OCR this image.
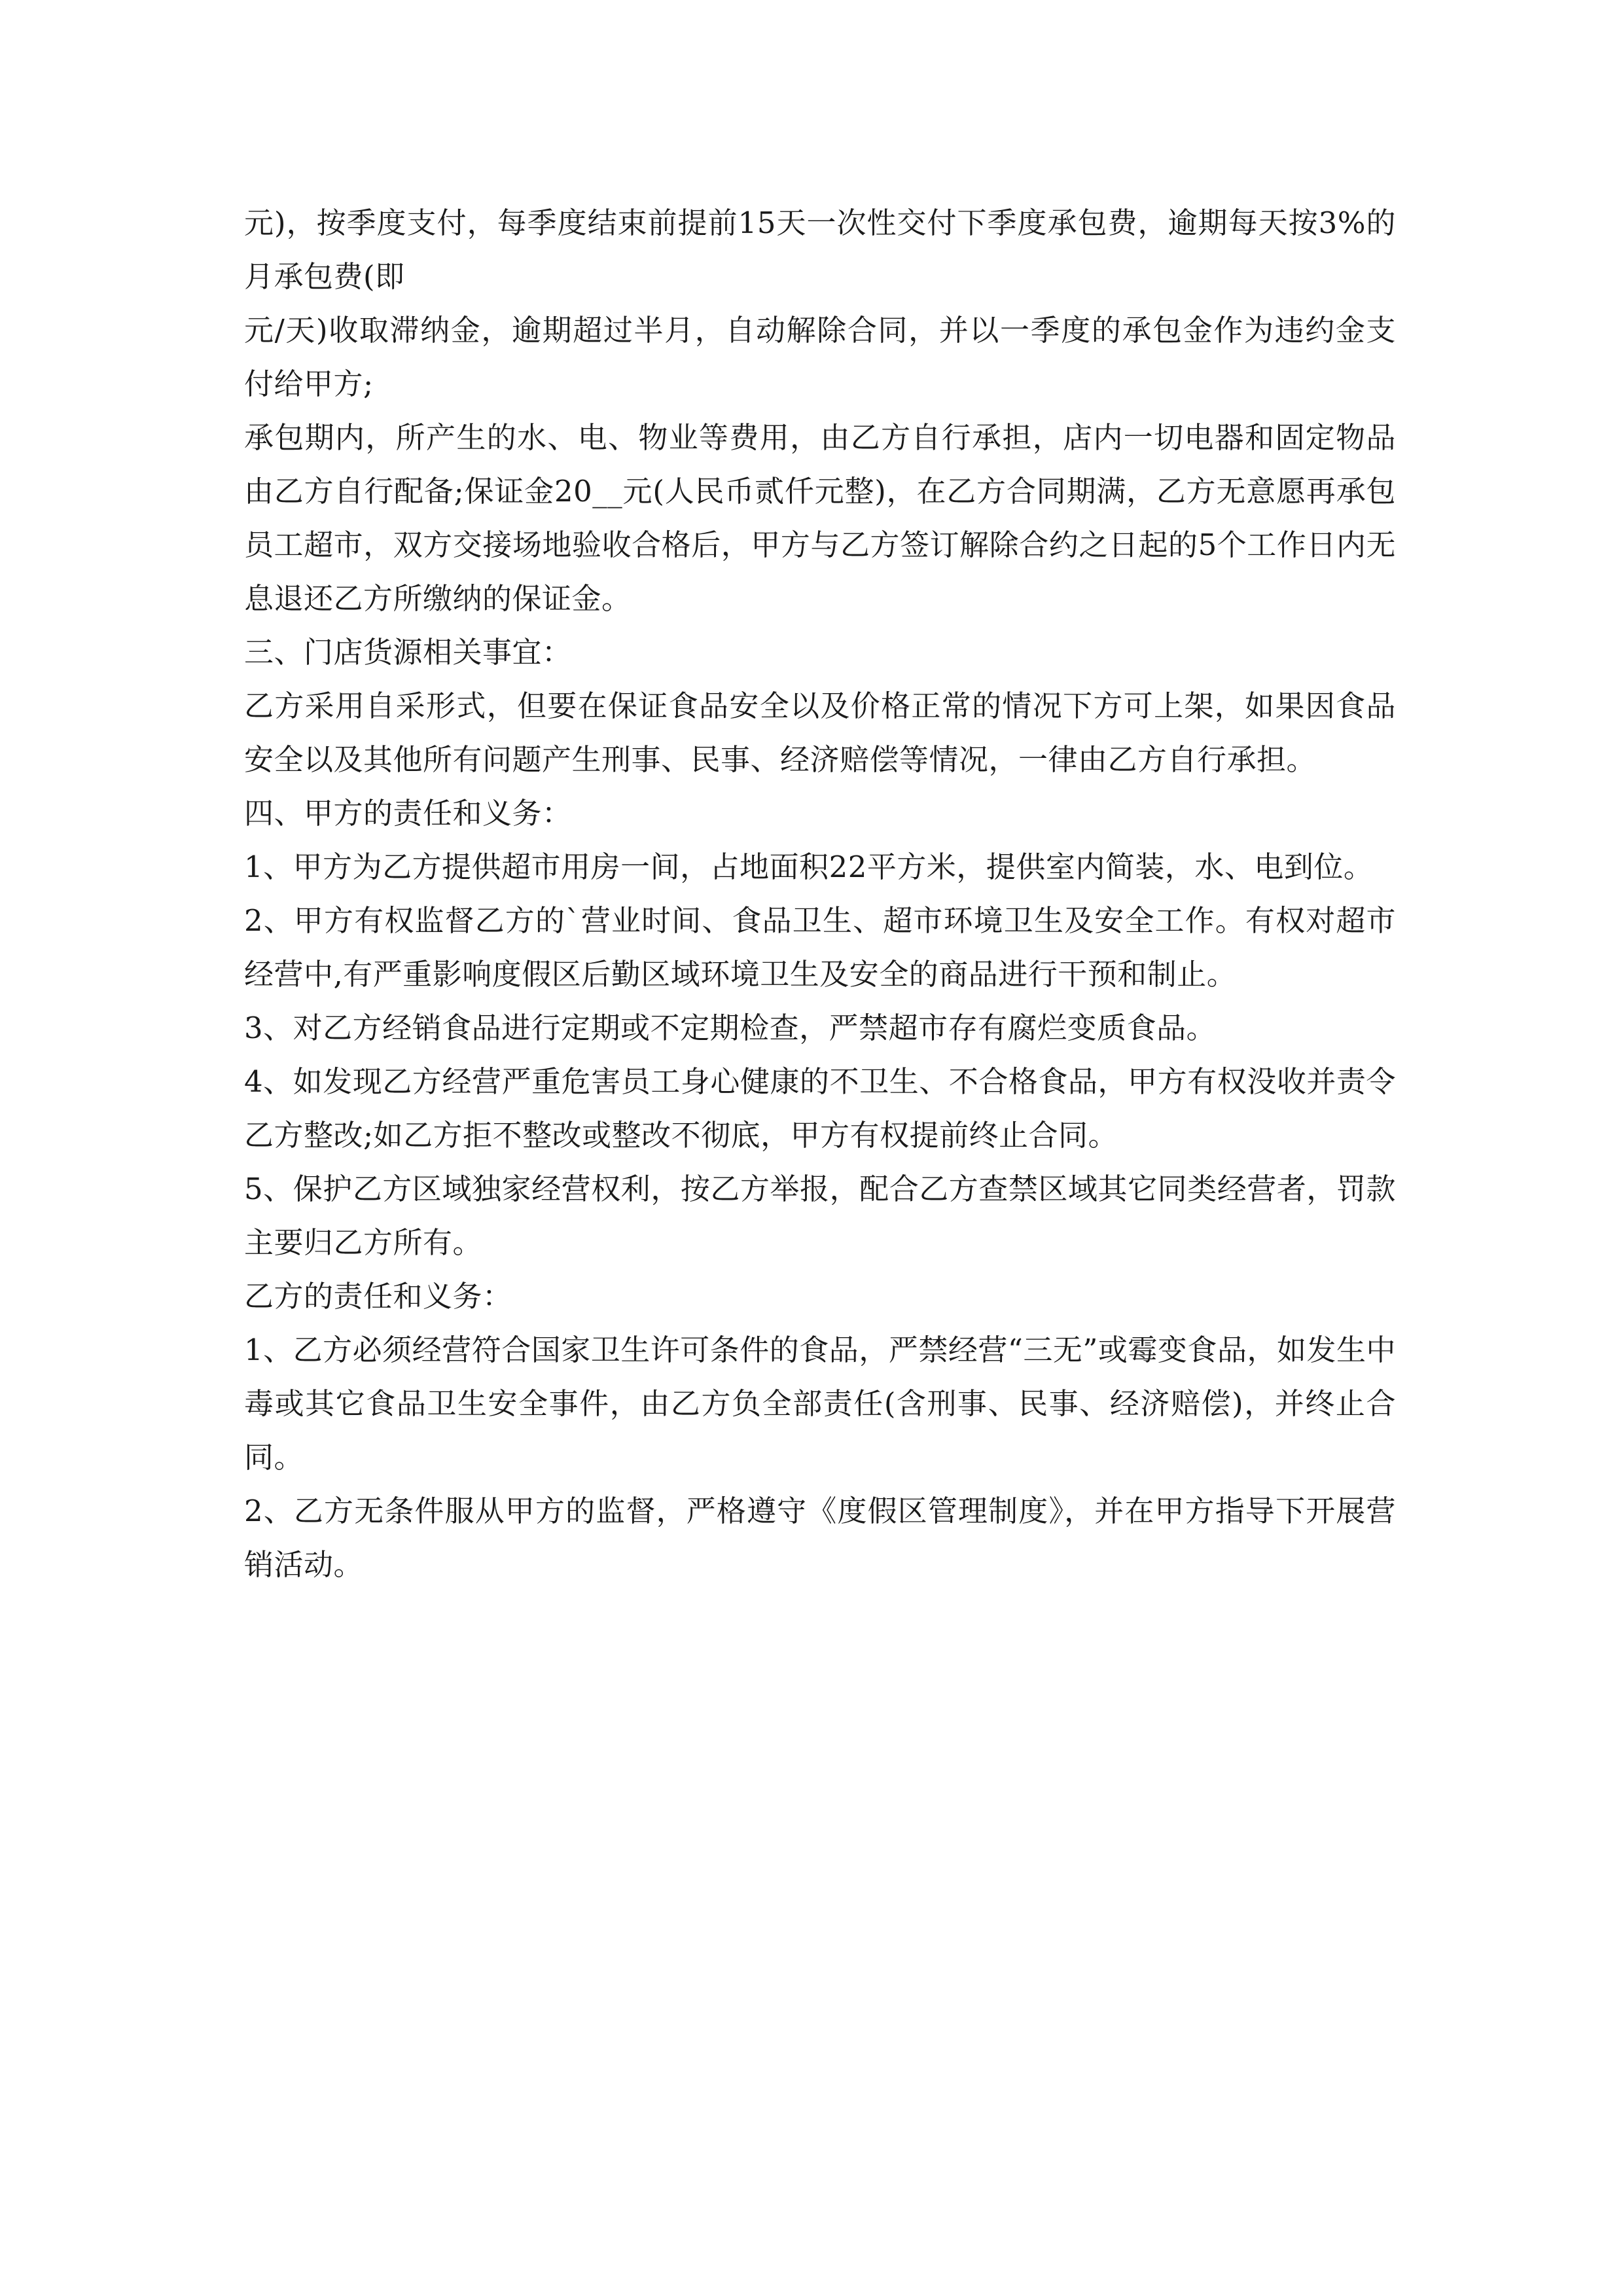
元)，按季度支付，每季度结束前提前15天一次性交付下季度承包费，逾期每天按3%的月承包费(即

元/天)收取滞纳金，逾期超过半月，自动解除合同，并以一季度的承包金作为违约金支付给甲方;

承包期内，所产生的水、电、物业等费用，由乙方自行承担，店内一切电器和固定物品由乙方自行配备;保证金20__元(人民币贰仟元整)，在乙方合同期满，乙方无意愿再承包员工超市，双方交接场地验收合格后，甲方与乙方签订解除合约之日起的5个工作日内无息退还乙方所缴纳的保证金。

三、门店货源相关事宜：

乙方采用自采形式，但要在保证食品安全以及价格正常的情况下方可上架，如果因食品安全以及其他所有问题产生刑事、民事、经济赔偿等情况，一律由乙方自行承担。

四、甲方的责任和义务：

1、甲方为乙方提供超市用房一间，占地面积22平方米，提供室内简装，水、电到位。

2、甲方有权监督乙方的`营业时间、食品卫生、超市环境卫生及安全工作。有权对超市经营中,有严重影响度假区后勤区域环境卫生及安全的商品进行干预和制止。

3、对乙方经销食品进行定期或不定期检查，严禁超市存有腐烂变质食品。

4、如发现乙方经营严重危害员工身心健康的不卫生、不合格食品，甲方有权没收并责令乙方整改;如乙方拒不整改或整改不彻底，甲方有权提前终止合同。

5、保护乙方区域独家经营权利，按乙方举报，配合乙方查禁区域其它同类经营者，罚款主要归乙方所有。

乙方的责任和义务：

1、乙方必须经营符合国家卫生许可条件的食品，严禁经营“三无”或霉变食品，如发生中毒或其它食品卫生安全事件，由乙方负全部责任(含刑事、民事、经济赔偿)，并终止合同。

2、乙方无条件服从甲方的监督，严格遵守《度假区管理制度》，并在甲方指导下开展营销活动。
